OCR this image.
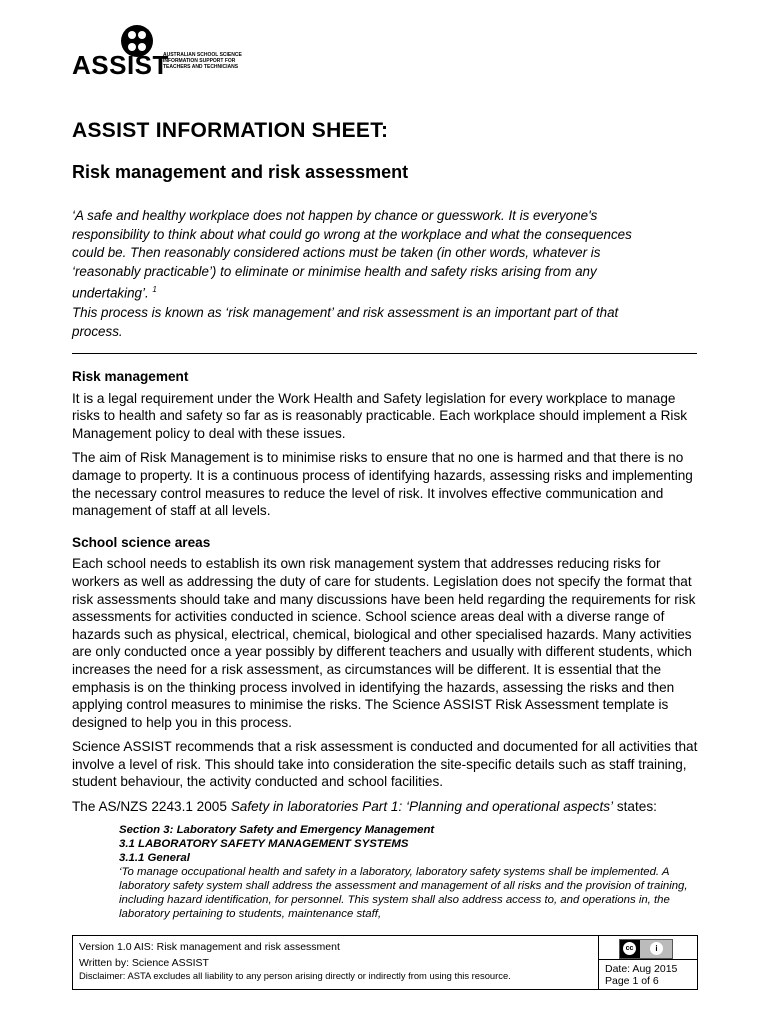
ASSIST
AUSTRALIAN SCHOOL SCIENCE
INFORMATION SUPPORT FOR
TEACHERS AND TECHNICIANS
ASSIST INFORMATION SHEET:
Risk management and risk assessment

‘A safe and healthy workplace does not happen by chance or guesswork. It is everyone's responsibility to think about what could go wrong at the workplace and what the consequences could be. Then reasonably considered actions must be taken (in other words, whatever is ‘reasonably practicable’) to eliminate or minimise health and safety risks arising from any undertaking’. $^1$

This process is known as ‘risk management’ and risk assessment is an important part of that process.

Risk management

It is a legal requirement under the Work Health and Safety legislation for every workplace to manage risks to health and safety so far as is reasonably practicable. Each workplace should implement a Risk Management policy to deal with these issues.

The aim of Risk Management is to minimise risks to ensure that no one is harmed and that there is no damage to property. It is a continuous process of identifying hazards, assessing risks and implementing the necessary control measures to reduce the level of risk. It involves effective communication and management of staff at all levels.

School science areas

Each school needs to establish its own risk management system that addresses reducing risks for workers as well as addressing the duty of care for students. Legislation does not specify the format that risk assessments should take and many discussions have been held regarding the requirements for risk assessments for activities conducted in science. School science areas deal with a diverse range of hazards such as physical, electrical, chemical, biological and other specialised hazards. Many activities are only conducted once a year possibly by different teachers and usually with different students, which increases the need for a risk assessment, as circumstances will be different. It is essential that the emphasis is on the thinking process involved in identifying the hazards, assessing the risks and then applying control measures to minimise the risks. The Science ASSIST Risk Assessment template is designed to help you in this process.

Science ASSIST recommends that a risk assessment is conducted and documented for all activities that involve a level of risk. This should take into consideration the site-specific details such as staff training, student behaviour, the activity conducted and school facilities.

The AS/NZS 2243.1 2005 Safety in laboratories Part 1: ‘Planning and operational aspects’ states:

Section 3: Laboratory Safety and Emergency Management
3.1 LABORATORY SAFETY MANAGEMENT SYSTEMS
3.1.1 General
‘To manage occupational health and safety in a laboratory, laboratory safety systems shall be implemented. A laboratory safety system shall address the assessment and management of all risks and the provision of training, including hazard identification, for personnel. This system shall also address access to, and operations in, the laboratory pertaining to students, maintenance staff,
Version 1.0 AIS: Risk management and risk assessment
Written by: Science ASSIST
Disclaimer: ASTA excludes all liability to any person arising directly or indirectly from using this resource.
cc	i
Date: Aug 2015
Page 1 of 6
